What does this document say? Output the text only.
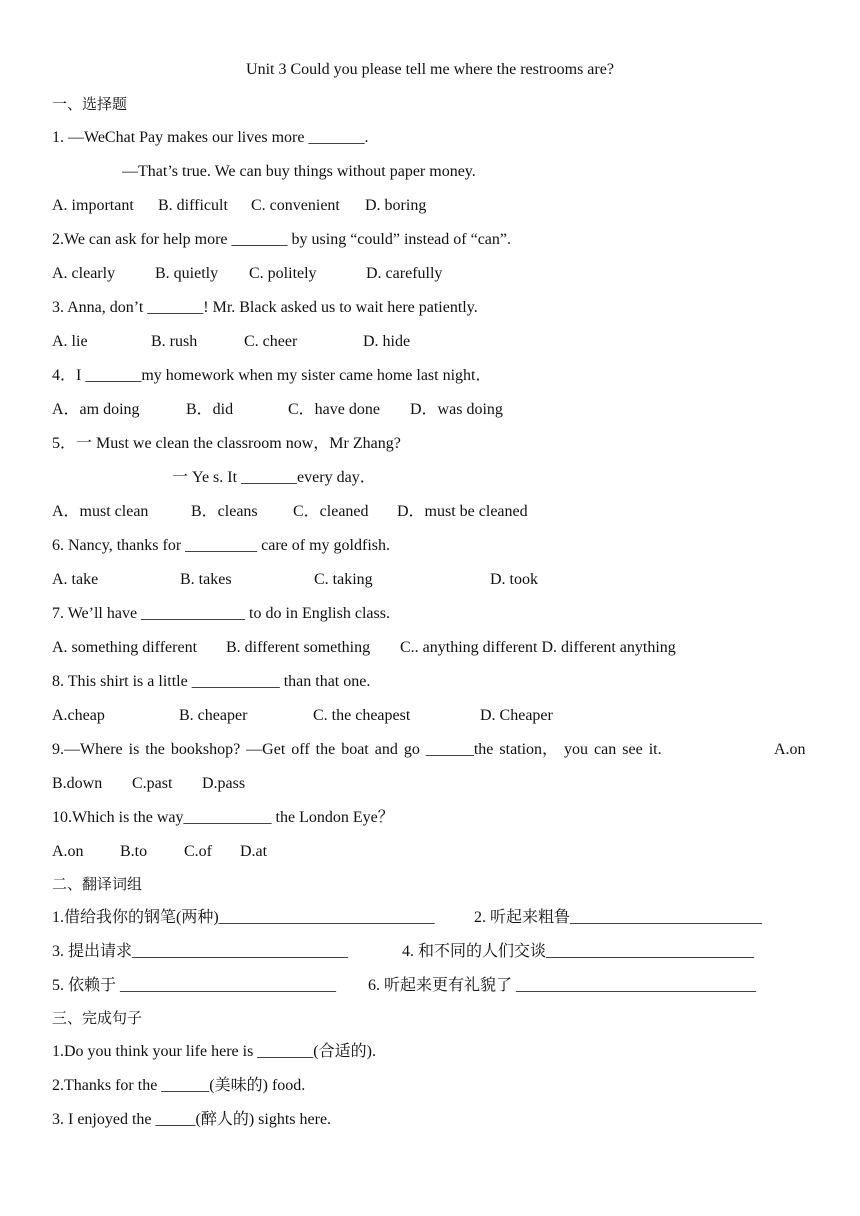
Unit 3 Could you please tell me where the restrooms are?
一、选择题
1. —WeChat Pay makes our lives more _______.
—That’s true. We can buy things without paper money.
A. important B. difficult C. convenient D. boring
2.We can ask for help more _______ by using “could” instead of “can”.
A. clearly B. quietly C. politely	D. carefully
3. Anna, don’t _______! Mr. Black asked us to wait here patiently.
A. lie	B. rush	C. cheer	D. hide
4．I _______my homework when my sister came home last night．
A．am doing	B．did	C．have done D．was doing
5．一 Must we clean the classroom now，Mr Zhang?
一 Ye s. It _______every day．
A．must clean	B．cleans C．cleaned D．must be cleaned
6. Nancy, thanks for _________ care of my goldfish.
A. take	B. takes	C. taking	D. took
7. We’ll have _____________ to do in English class.
A. something different B. different something C.. anything different D. different anything
8. This shirt is a little ___________ than that one.
A.cheap	B. cheaper	C. the cheapest	D. Cheaper
9.—Where is the bookshop? —Get off the boat and go ______the station， you can see it.	A.on
B.down C.past D.pass
10.Which is the way___________ the London Eye？
A.on B.to C.of D.at
二、翻译词组
1.借给我你的钢笔(两种)___________________________ 2. 听起来粗鲁________________________
3. 提出请求___________________________	4. 和不同的人们交谈__________________________
5. 依赖于 ___________________________ 6. 听起来更有礼貌了 ______________________________
三、完成句子
1.Do you think your life here is _______(合适的).
2.Thanks for the ______(美味的) food.
3. I enjoyed the _____(醉人的) sights here.
